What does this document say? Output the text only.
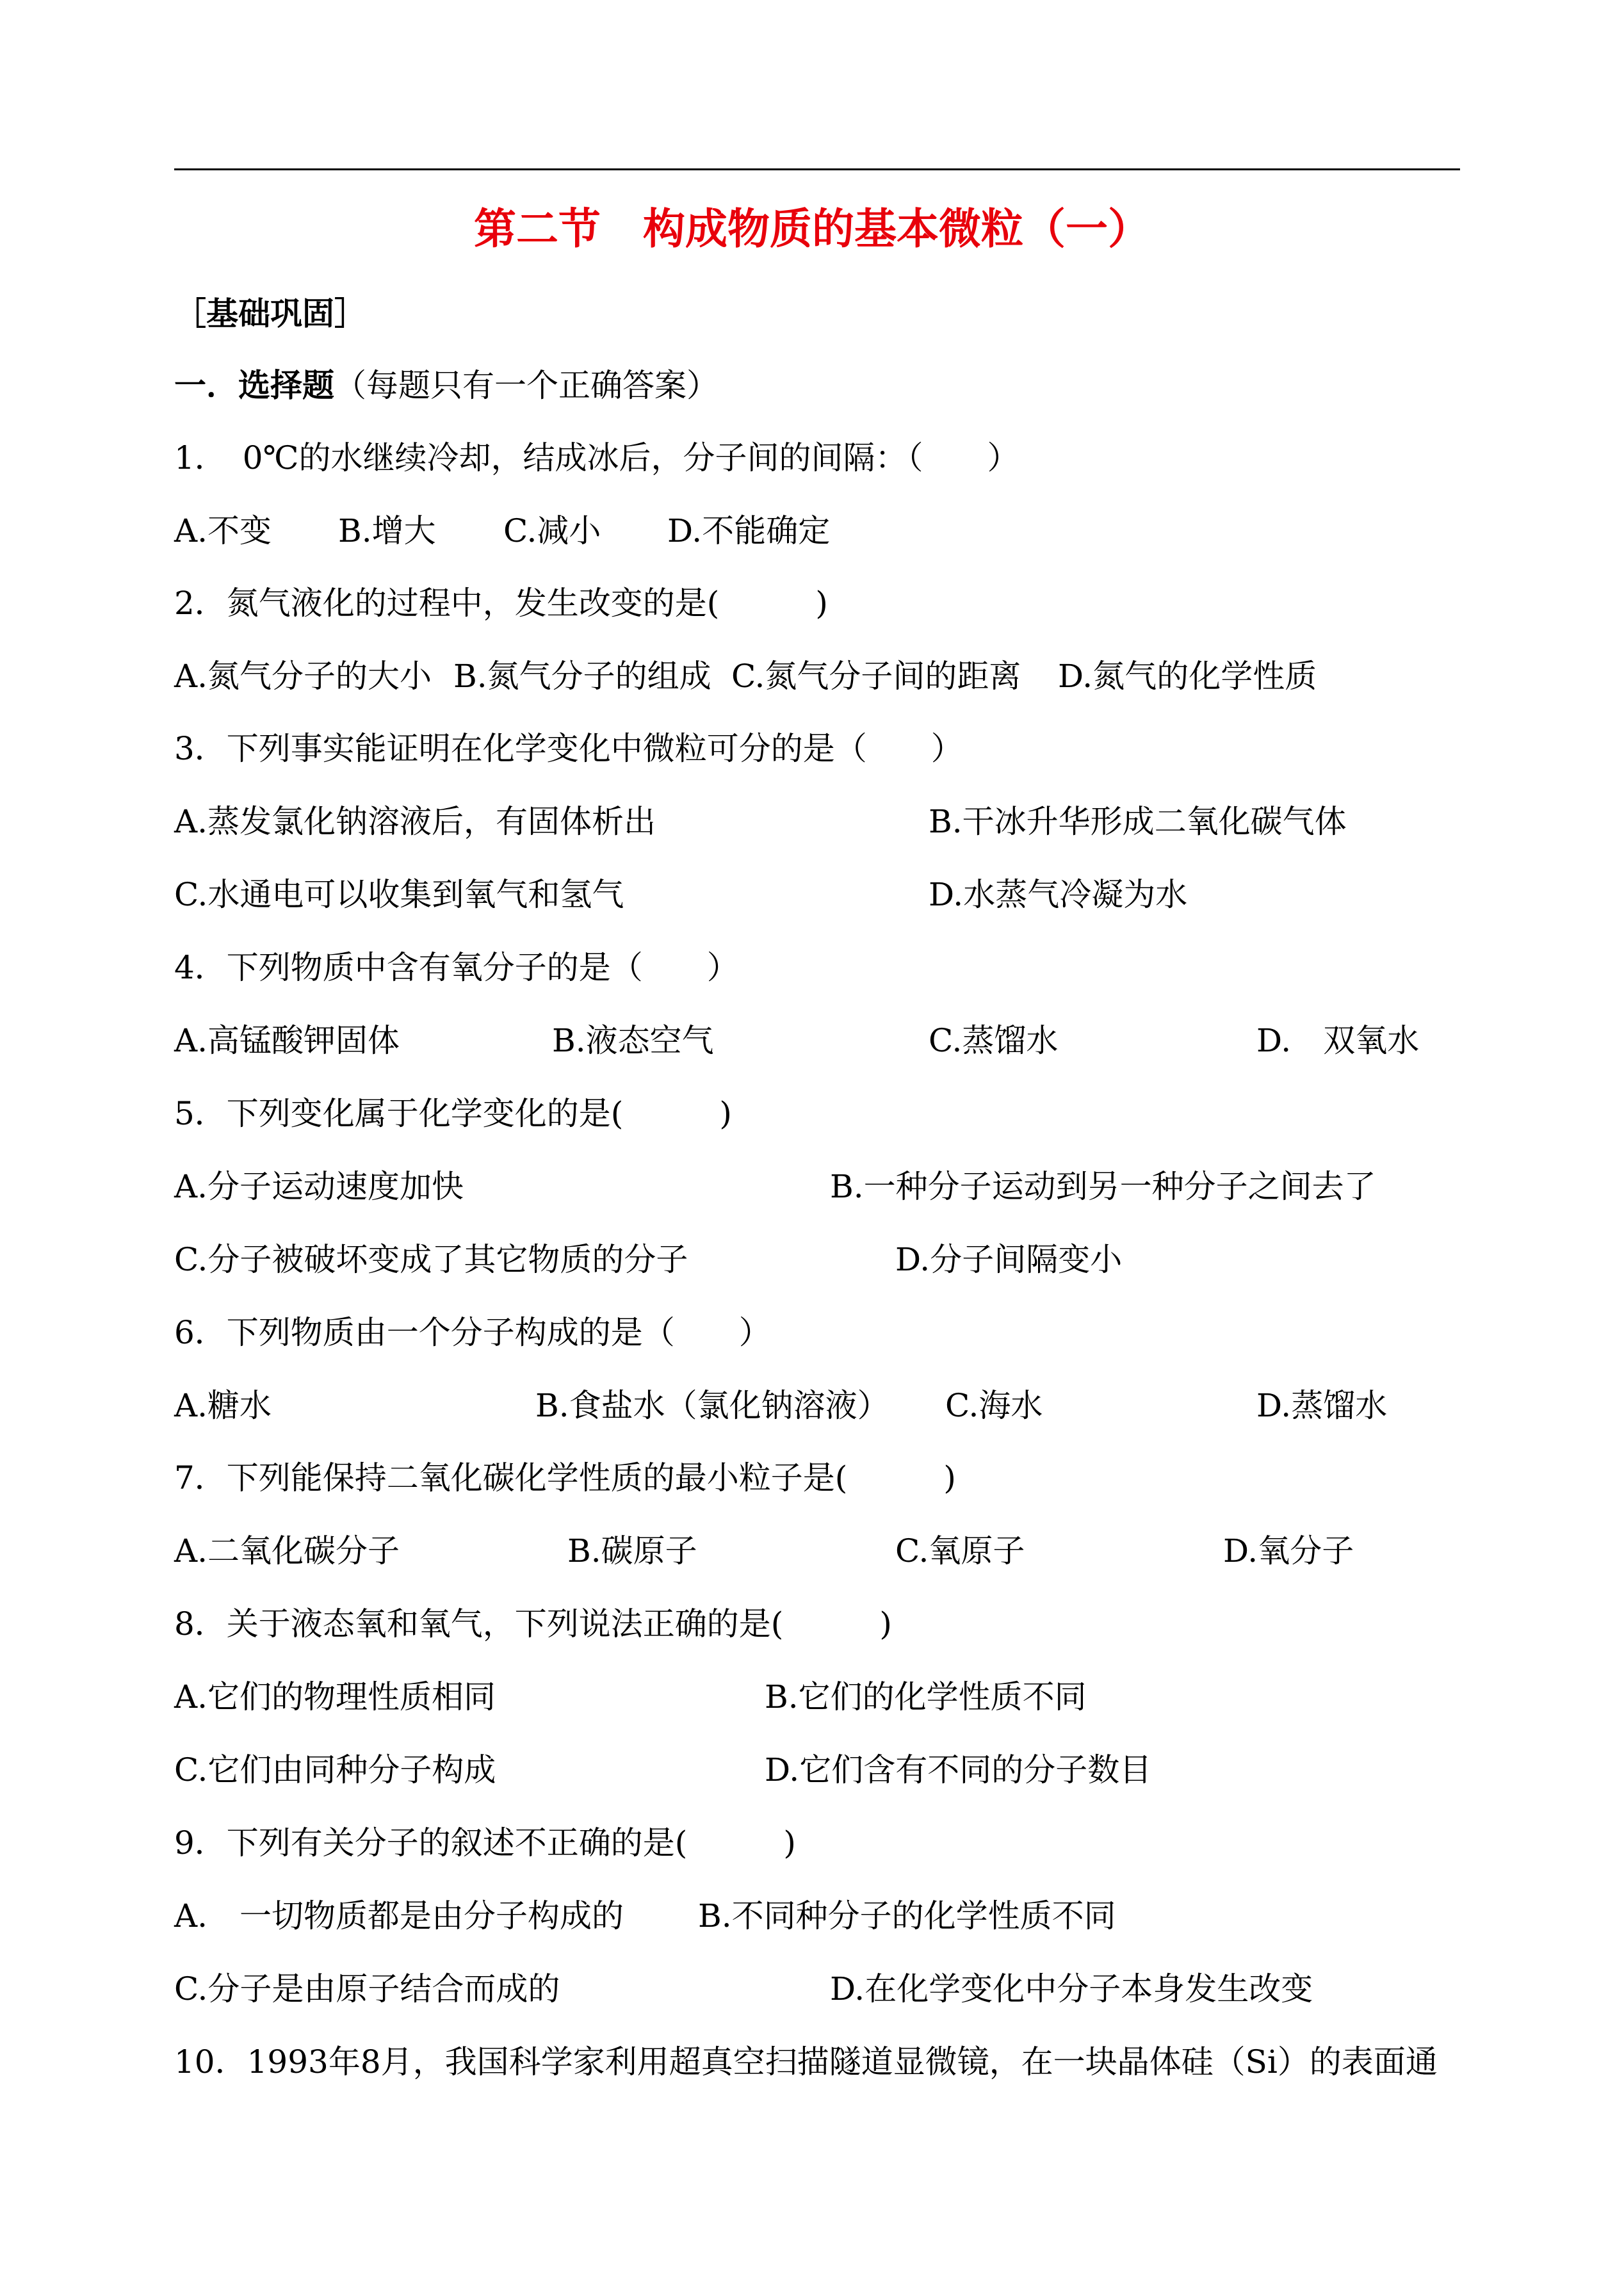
第二节　构成物质的基本微粒（一）
［基础巩固］
一．选择题（每题只有一个正确答案）
1．　0℃的水继续冷却，结成冰后，分子间的间隔：（　　）
A.不变 B.增大 C.减小 D.不能确定
2．氮气液化的过程中，发生改变的是(　　　)
A.氮气分子的大小 B.氮气分子的组成 C.氮气分子间的距离 D.氮气的化学性质
3．下列事实能证明在化学变化中微粒可分的是（　　）
A.蒸发氯化钠溶液后，有固体析出	B.干冰升华形成二氧化碳气体
C.水通电可以收集到氧气和氢气	D.水蒸气冷凝为水
4．下列物质中含有氧分子的是（　　）
A.高锰酸钾固体	B.液态空气	C.蒸馏水	D.　双氧水
5．下列变化属于化学变化的是(　　　)
A.分子运动速度加快	B.一种分子运动到另一种分子之间去了
C.分子被破坏变成了其它物质的分子	D.分子间隔变小
6．下列物质由一个分子构成的是（　　）
A.糖水	B.食盐水（氯化钠溶液） C.海水	D.蒸馏水
7．下列能保持二氧化碳化学性质的最小粒子是(　　　)
A.二氧化碳分子	B.碳原子	C.氧原子	D.氧分子
8．关于液态氧和氧气，下列说法正确的是(　　　)
A.它们的物理性质相同	B.它们的化学性质不同
C.它们由同种分子构成	D.它们含有不同的分子数目
9．下列有关分子的叙述不正确的是(　　　)
A.　一切物质都是由分子构成的 B.不同种分子的化学性质不同
C.分子是由原子结合而成的	D.在化学变化中分子本身发生改变
10．1993年8月，我国科学家利用超真空扫描隧道显微镜，在一块晶体硅（Si）的表面通
